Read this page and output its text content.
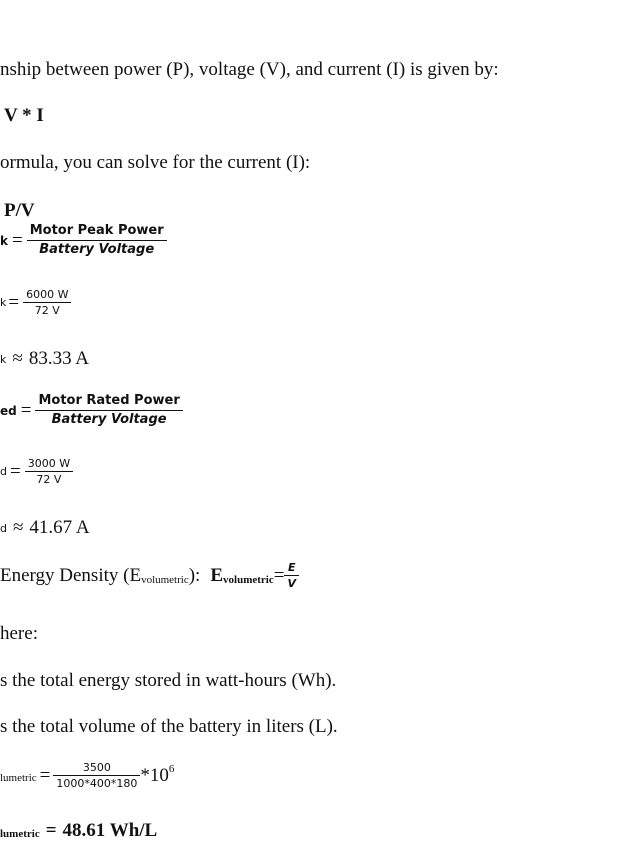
nship between power (P), voltage (V), and current (I) is given by:
V * I
ormula, you can solve for the current (I):
P/V
$k = \frac{\text{Motor Peak Power}}{\text{Battery Voltage}}$
$k = \frac{6000 W}{72 V}$
k ≈ 83.33 A
ed = $\frac{\text{Motor Rated Power}}{\text{Battery Voltage}}$
$d = \frac{3000 W}{72 V}$
d ≈ 41.67 A
Energy Density (E volumetric ): E volumetric = $\frac{E}{V}$
here:
s the total energy stored in watt-hours (Wh).
s the total volume of the battery in liters (L).
lumetric = $\frac{3500}{1000*400*180} *10$ 6
lumetric = 48.61 Wh/L
